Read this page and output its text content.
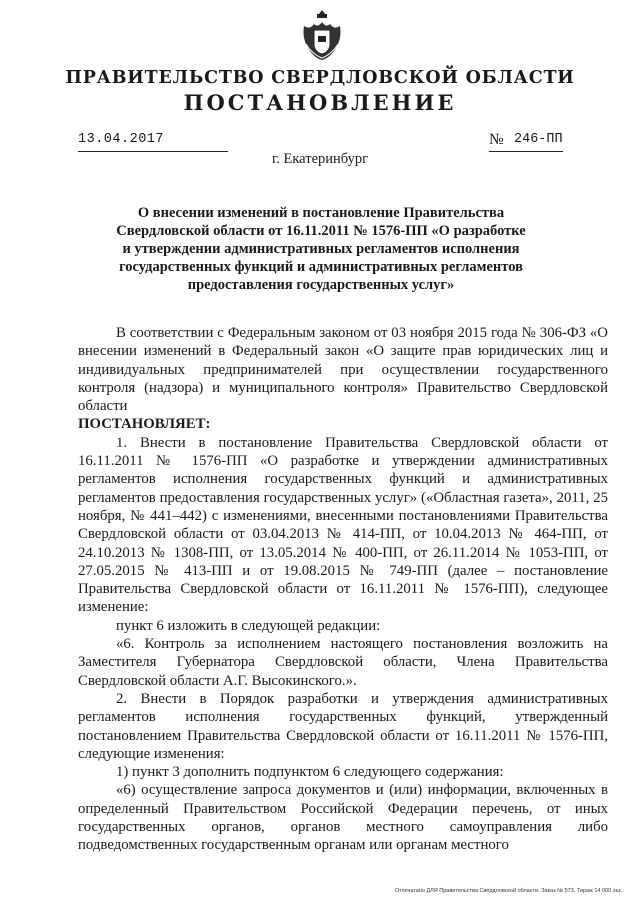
ПРАВИТЕЛЬСТВО СВЕРДЛОВСКОЙ ОБЛАСТИ
ПОСТАНОВЛЕНИЕ
13.04.2017	№ 246-ПП
г. Екатеринбург
О внесении изменений в постановление Правительства
Свердловской области от 16.11.2011 № 1576-ПП «О разработке
и утверждении административных регламентов исполнения
государственных функций и административных регламентов
предоставления государственных услуг»
В соответствии с Федеральным законом от 03 ноября 2015 года № 306-ФЗ «О внесении изменений в Федеральный закон «О защите прав юридических лиц и индивидуальных предпринимателей при осуществлении государственного контроля (надзора) и муниципального контроля» Правительство Свердловской области
ПОСТАНОВЛЯЕТ:
1. Внести в постановление Правительства Свердловской области от 16.11.2011 № 1576-ПП «О разработке и утверждении административных регламентов исполнения государственных функций и административных регламентов предоставления государственных услуг» («Областная газета», 2011, 25 ноября, № 441–442) с изменениями, внесенными постановлениями Правительства Свердловской области от 03.04.2013 № 414-ПП, от 10.04.2013 № 464-ПП, от 24.10.2013 № 1308-ПП, от 13.05.2014 № 400-ПП, от 26.11.2014 № 1053-ПП, от 27.05.2015 № 413-ПП и от 19.08.2015 № 749-ПП (далее – постановление Правительства Свердловской области от 16.11.2011 № 1576-ПП), следующее изменение:
пункт 6 изложить в следующей редакции:
«6. Контроль за исполнением настоящего постановления возложить на Заместителя Губернатора Свердловской области, Члена Правительства Свердловской области А.Г. Высокинского.».
2. Внести в Порядок разработки и утверждения административных регламентов исполнения государственных функций, утвержденный постановлением Правительства Свердловской области от 16.11.2011 № 1576-ПП, следующие изменения:
1) пункт 3 дополнить подпунктом 6 следующего содержания:
«6) осуществление запроса документов и (или) информации, включенных в определенный Правительством Российской Федерации перечень, от иных государственных органов, органов местного самоуправления либо подведомственных государственным органам или органам местного
Отпечатано ДЛЯ Правительства Свердловской области. Заказ № 573. Тираж 14 000 экз.
